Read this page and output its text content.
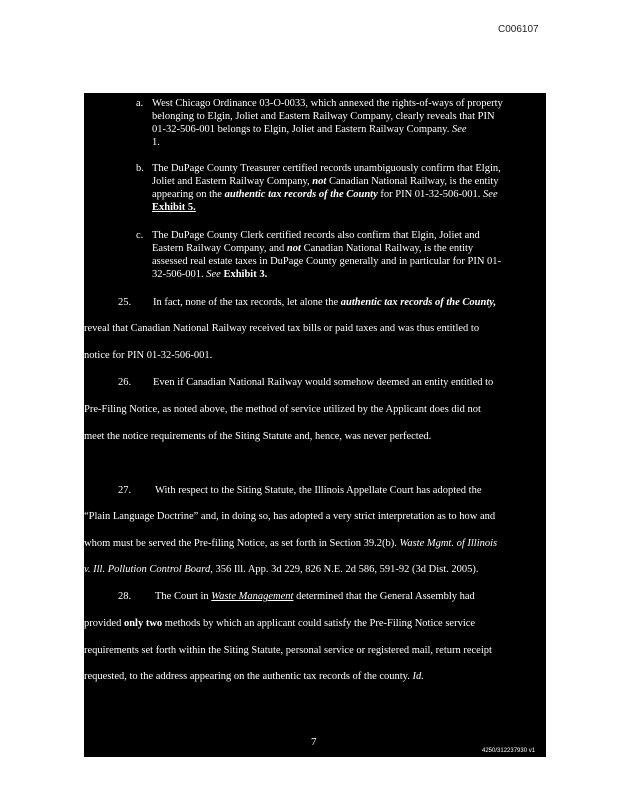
C006107
a. West Chicago Ordinance 03-O-0033, which annexed the rights-of-ways of property
belonging to Elgin, Joliet and Eastern Railway Company, clearly reveals that PIN
01-32-506-001 belongs to Elgin, Joliet and Eastern Railway Company. See
1.
b. The DuPage County Treasurer certified records unambiguously confirm that Elgin,
Joliet and Eastern Railway Company, not Canadian National Railway, is the entity
appearing on the authentic tax records of the County for PIN 01-32-506-001. See
Exhibit 5.
c. The DuPage County Clerk certified records also confirm that Elgin, Joliet and
Eastern Railway Company, and not Canadian National Railway, is the entity
assessed real estate taxes in DuPage County generally and in particular for PIN 01-
32-506-001. See Exhibit 3.
25. In fact, none of the tax records, let alone the authentic tax records of the County,
reveal that Canadian National Railway received tax bills or paid taxes and was thus entitled to
notice for PIN 01-32-506-001.
26. Even if Canadian National Railway would somehow deemed an entity entitled to
Pre-Filing Notice, as noted above, the method of service utilized by the Applicant does did not
meet the notice requirements of the Siting Statute and, hence, was never perfected.
27. With respect to the Siting Statute, the Illinois Appellate Court has adopted the
“Plain Language Doctrine” and, in doing so, has adopted a very strict interpretation as to how and
whom must be served the Pre-filing Notice, as set forth in Section 39.2(b). Waste Mgmt. of Illinois
v. Ill. Pollution Control Board, 356 Ill. App. 3d 229, 826 N.E. 2d 586, 591-92 (3d Dist. 2005).
28. The Court in Waste Management determined that the General Assembly had
provided only two methods by which an applicant could satisfy the Pre-Filing Notice service
requirements set forth within the Siting Statute, personal service or registered mail, return receipt
requested, to the address appearing on the authentic tax records of the county. Id.
7
4250/312237930 v1
